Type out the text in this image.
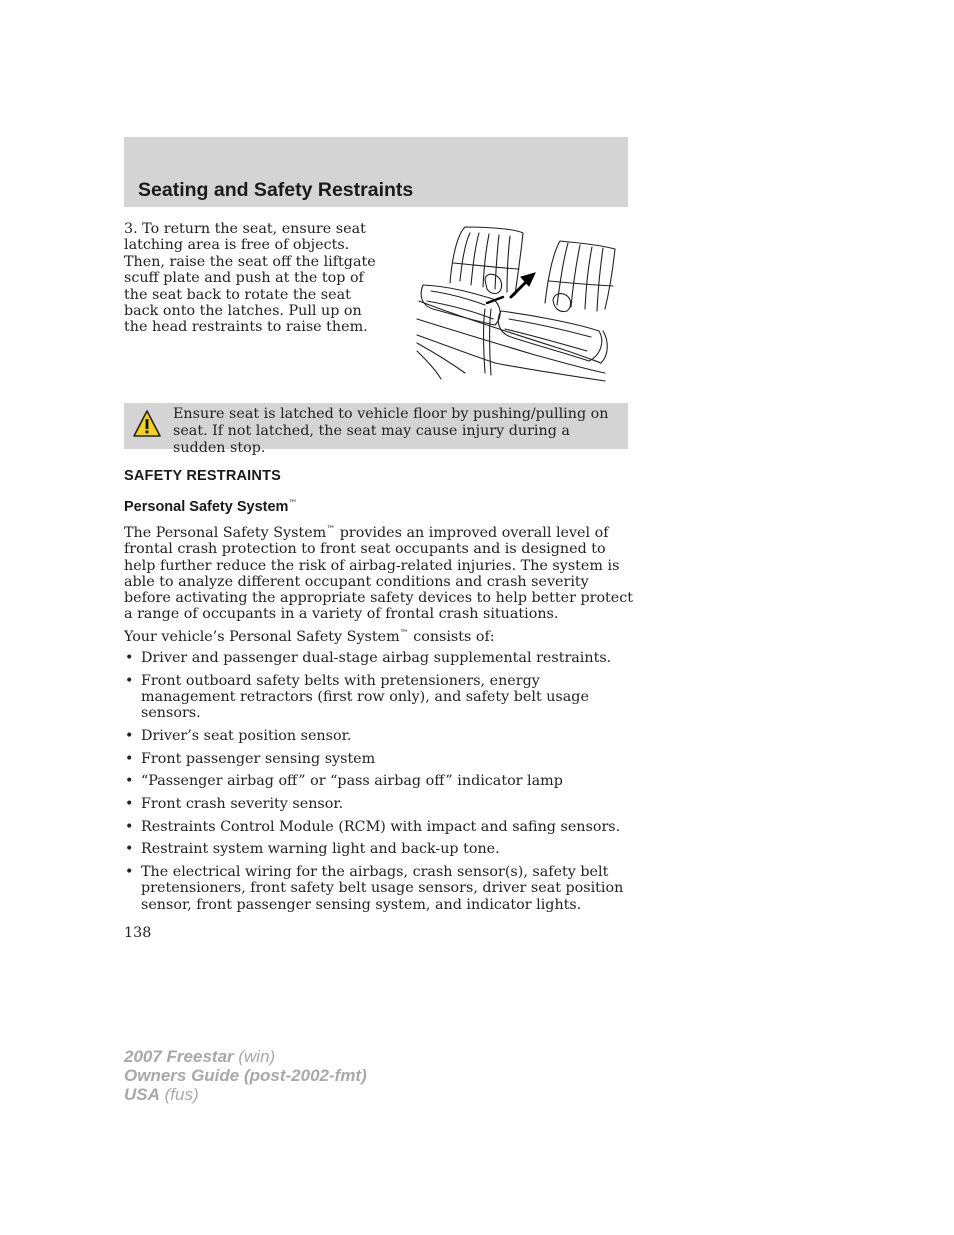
Seating and Safety Restraints

3. To return the seat, ensure seat latching area is free of objects. Then, raise the seat off the liftgate scuff plate and push at the top of the seat back to rotate the seat back onto the latches. Pull up on the head restraints to raise them.

Ensure seat is latched to vehicle floor by pushing/pulling on seat. If not latched, the seat may cause injury during a sudden stop.

SAFETY RESTRAINTS
Personal Safety System™

The Personal Safety System™ provides an improved overall level of frontal crash protection to front seat occupants and is designed to help further reduce the risk of airbag-related injuries. The system is able to analyze different occupant conditions and crash severity before activating the appropriate safety devices to help better protect a range of occupants in a variety of frontal crash situations.

Your vehicle’s Personal Safety System™ consists of:

• Driver and passenger dual-stage airbag supplemental restraints.
• Front outboard safety belts with pretensioners, energy management retractors (first row only), and safety belt usage sensors.
• Driver’s seat position sensor.
• Front passenger sensing system
• “Passenger airbag off” or “pass airbag off” indicator lamp
• Front crash severity sensor.
• Restraints Control Module (RCM) with impact and safing sensors.
• Restraint system warning light and back-up tone.
• The electrical wiring for the airbags, crash sensor(s), safety belt pretensioners, front safety belt usage sensors, driver seat position sensor, front passenger sensing system, and indicator lights.

138

2007 Freestar (win)
Owners Guide (post-2002-fmt)
USA (fus)
